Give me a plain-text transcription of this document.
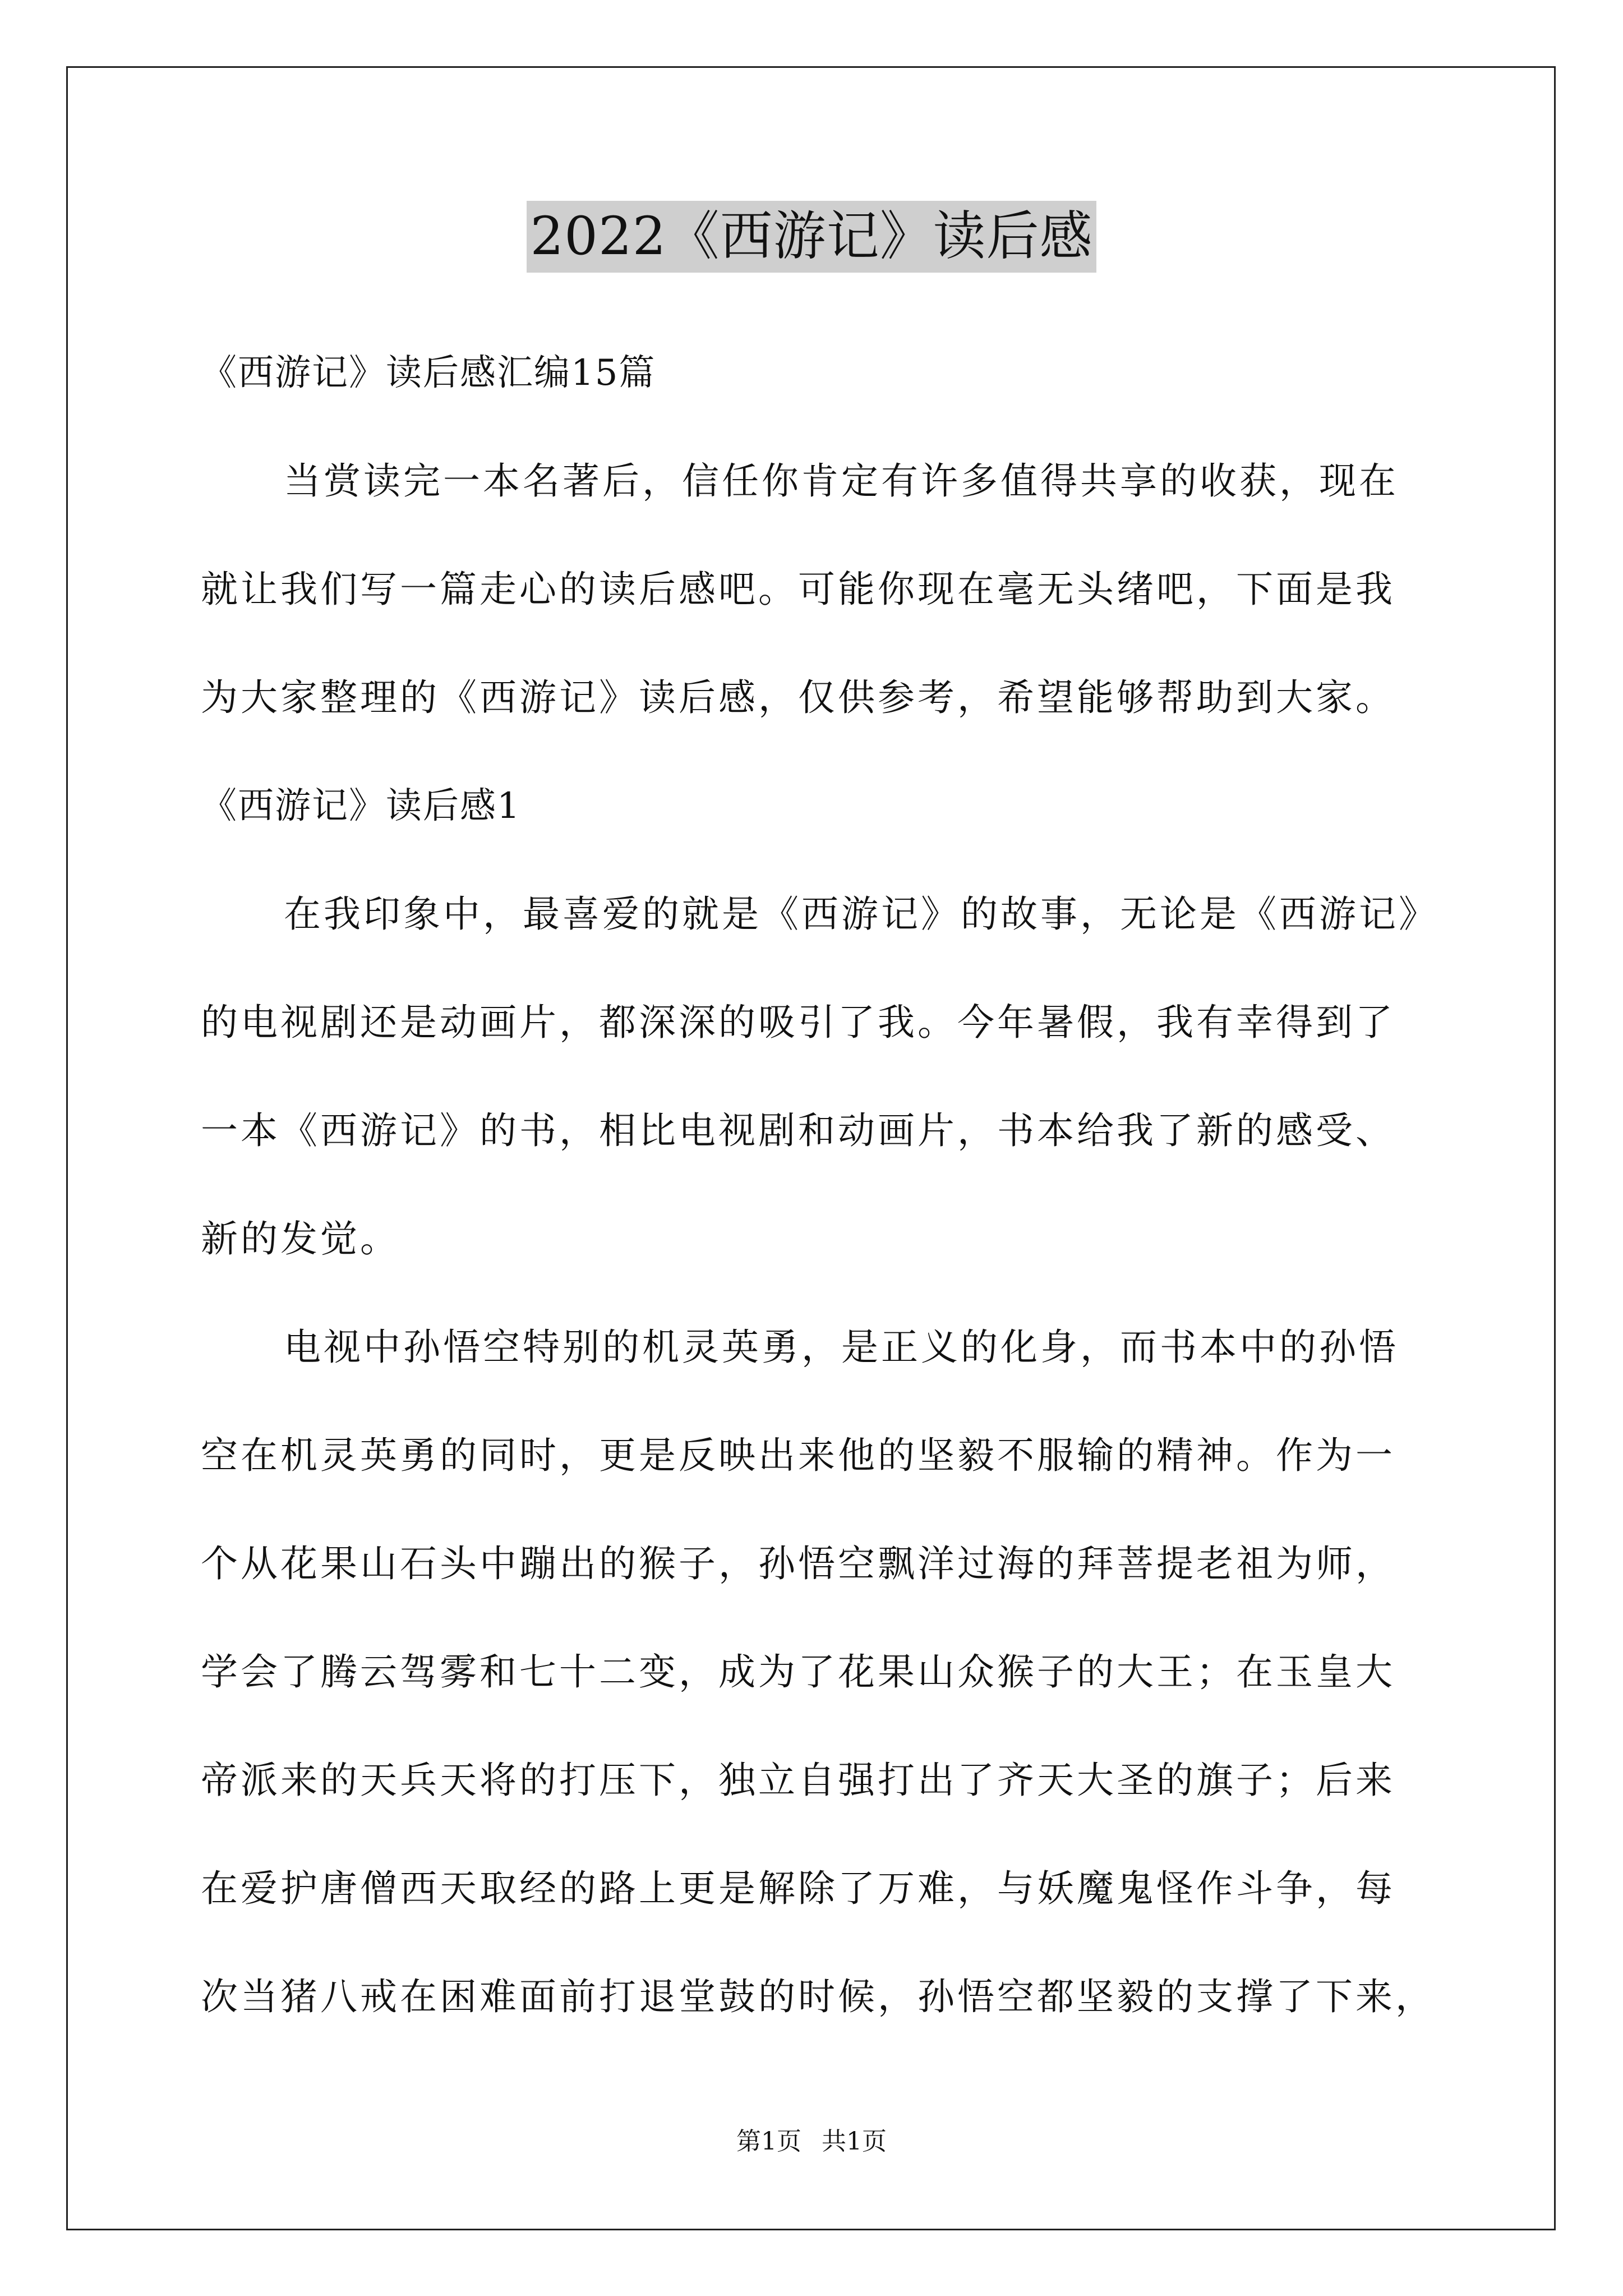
2022《西游记》读后感
《西游记》读后感汇编15篇
当赏读完一本名著后，信任你肯定有许多值得共享的收获，现在
就让我们写一篇走心的读后感吧。可能你现在毫无头绪吧，下面是我
为大家整理的《西游记》读后感，仅供参考，希望能够帮助到大家。
《西游记》读后感1
在我印象中，最喜爱的就是《西游记》的故事，无论是《西游记》
的电视剧还是动画片，都深深的吸引了我。今年暑假，我有幸得到了
一本《西游记》的书，相比电视剧和动画片，书本给我了新的感受、
新的发觉。
电视中孙悟空特别的机灵英勇，是正义的化身，而书本中的孙悟
空在机灵英勇的同时，更是反映出来他的坚毅不服输的精神。作为一
个从花果山石头中蹦出的猴子，孙悟空飘洋过海的拜菩提老祖为师，
学会了腾云驾雾和七十二变，成为了花果山众猴子的大王；在玉皇大
帝派来的天兵天将的打压下，独立自强打出了齐天大圣的旗子；后来
在爱护唐僧西天取经的路上更是解除了万难，与妖魔鬼怪作斗争，每
次当猪八戒在困难面前打退堂鼓的时候，孙悟空都坚毅的支撑了下来，
第1页 共1页
